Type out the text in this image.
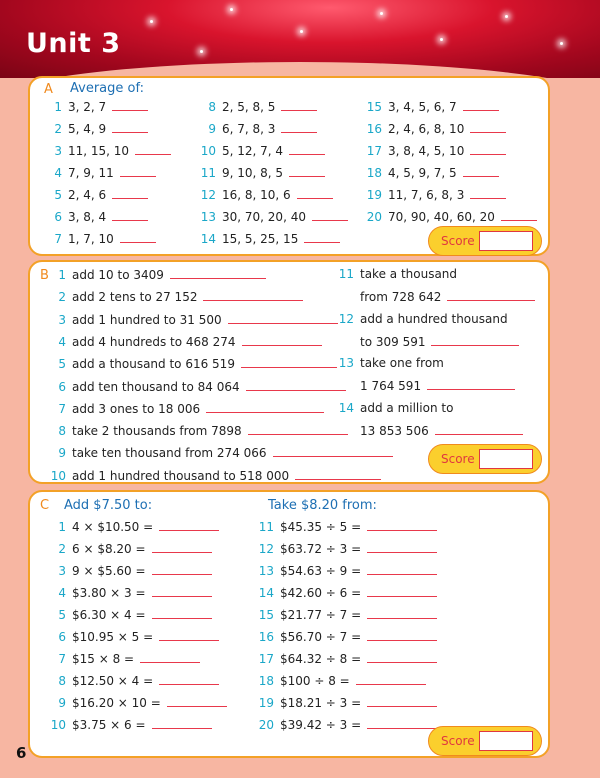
Unit 3
A Average of:
1 3, 2, 7
2 5, 4, 9
3 11, 15, 10
4 7, 9, 11
5 2, 4, 6
6 3, 8, 4
7 1, 7, 10
8 2, 5, 8, 5
9 6, 7, 8, 3
10 5, 12, 7, 4
11 9, 10, 8, 5
12 16, 8, 10, 6
13 30, 70, 20, 40
14 15, 5, 25, 15
15 3, 4, 5, 6, 7
16 2, 4, 6, 8, 10
17 3, 8, 4, 5, 10
18 4, 5, 9, 7, 5
19 11, 7, 6, 8, 3
20 70, 90, 40, 60, 20
Score
B 1 add 10 to 3409
2 add 2 tens to 27 152
3 add 1 hundred to 31 500
4 add 4 hundreds to 468 274
5 add a thousand to 616 519
6 add ten thousand to 84 064
7 add 3 ones to 18 006
8 take 2 thousands from 7898
9 take ten thousand from 274 066
10 add 1 hundred thousand to 518 000
11 take a thousand
from 728 642
12 add a hundred thousand
to 309 591
13 take one from
1 764 591
14 add a million to
13 853 506
Score
C Add $7.50 to:	Take $8.20 from:
1 4 × $10.50 =
2 6 × $8.20 =
3 9 × $5.60 =
4 $3.80 × 3 =
5 $6.30 × 4 =
6 $10.95 × 5 =
7 $15 × 8 =
8 $12.50 × 4 =
9 $16.20 × 10 =
10 $3.75 × 6 =
11 $45.35 ÷ 5 =
12 $63.72 ÷ 3 =
13 $54.63 ÷ 9 =
14 $42.60 ÷ 6 =
15 $21.77 ÷ 7 =
16 $56.70 ÷ 7 =
17 $64.32 ÷ 8 =
18 $100 ÷ 8 =
19 $18.21 ÷ 3 =
20 $39.42 ÷ 3 =
Score
6
